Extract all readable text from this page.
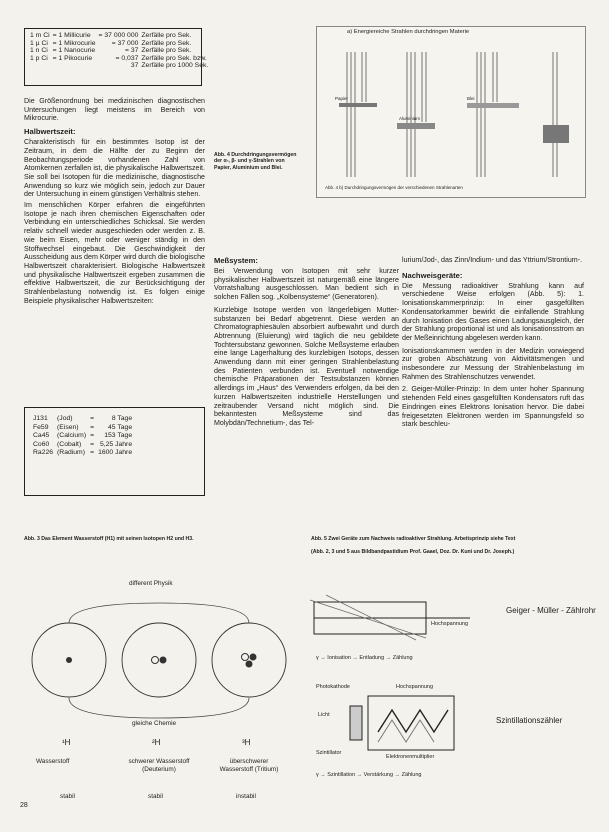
1 m Ci	= 1 Millicurie	= 37 000 000	Zerfälle pro Sek.
1 µ Ci	= 1 Mikrocurie	= 37 000	Zerfälle pro Sek.
1 n Ci	= 1 Nanocurie	= 37	Zerfälle pro Sek.
1 p Ci	= 1 Pikocurie	= 0,037	Zerfälle pro Sek. bzw.
		37	Zerfälle pro 1000 Sek.

Die Größenordnung bei medizinischen diagnostischen Untersuchungen liegt meistens im Bereich von Mikrocurie.

Halbwertszeit:

Charakteristisch für ein bestimmtes Isotop ist der Zeitraum, in dem die Hälfte der zu Beginn der Beobachtungsperiode vorhandenen Zahl von Atomkernen zerfallen ist, die physikalische Halbwertszeit. Sie soll bei Isotopen für die medizinische, diagnostische Anwendung so kurz wie möglich sein, jedoch zur Dauer der Untersuchung in einem günstigen Verhältnis stehen.

Im menschlichen Körper erfahren die eingeführten Isotope je nach ihren chemischen Eigenschaften oder Verbindung ein unterschiedliches Schicksal. Sie werden relativ schnell wieder ausgeschieden oder werden z. B. wie beim Eisen, mehr oder weniger ständig in den Stoffwechsel eingebaut. Die Geschwindigkeit der Ausscheidung aus dem Körper wird durch die biologische Halbwertszeit charakterisiert. Biologische Halbwertszeit und physikalische Halbwertszeit ergeben zusammen die effektive Halbwertszeit, die zur Berücksichtigung der Strahlenbelastung notwendig ist. Es folgen einige Beispiele physikalischer Halbwertszeiten:

J131	(Jod)	=	8 Tage
Fe59	(Eisen)	=	45 Tage
Ca45	(Calcium)	=	153 Tage
Co60	(Cobalt)	=	5,25 Jahre
Ra226	(Radium)	=	1600 Jahre
a) Energiereiche Strahlen durchdringen Materie
Papier
Aluminium
Blei
Abb. 4 b) Durchdringungsvermögen der verschiedenen Strahlenarten
Abb. 4 Durchdringungsvermögen der α-, β- und γ-Strahlen von Papier, Aluminium und Blei.
Meßsystem:

Bei Verwendung von Isotopen mit sehr kurzer physikalischer Halbwertszeit ist naturgemäß eine längere Vorratshaltung ausgeschlossen. Man bedient sich in solchen Fällen sog. „Kolbensysteme“ (Generatoren).

Kurzlebige Isotope werden von längerlebigen Mutter-substanzen bei Bedarf abgetrennt. Diese werden an Chromatographiesäulen absorbiert aufbewahrt und durch Abtrennung (Eluierung) wird täglich die neu gebildete Tochtersubstanz gewonnen. Solche Meßsysteme erlauben eine lange Lagerhaltung des kurzlebigen Isotops, dessen Anwendung dann mit einer geringen Strahlenbelastung des Patienten verbunden ist. Eventuell notwendige chemische Präparationen der Testsubstanzen können allerdings im „Haus“ des Verwenders erfolgen, da bei den kurzen Halbwertszeiten industrielle Herstellungen und zeitraubender Versand nicht möglich sind. Die bekanntesten Meßsysteme sind das Molybdän/Technetium-, das Tel-

lurium/Jod-, das Zinn/Indium- und das Yttrium/Strontium-.

Nachweisgeräte:

Die Messung radioaktiver Strahlung kann auf verschiedene Weise erfolgen (Abb. 5): 1. Ionisationskammerprinzip: In einer gasgefüllten Kondensatorkammer bewirkt die einfallende Strahlung durch Ionisation des Gases einen Ladungsausgleich, der der Strahlung proportional ist und als Ionisationsstrom an der Meßeinrichtung abgelesen werden kann.

Ionisationskammern werden in der Medizin vorwiegend zur groben Abschätzung von Aktivitätsmengen und insbesondere zur Messung der Strahlenbelastung im Rahmen des Strahlenschutzes verwendet.

2. Geiger-Müller-Prinzip: In dem unter hoher Spannung stehenden Feld eines gasgefüllten Kondensators ruft das Eindringen eines Elektrons Ionisation hervor. Die dabei freigesetzten Elektronen werden im Spannungsfeld so stark beschleu-

Abb. 3 Das Element Wasserstoff (H1) mit seinen Isotopen H2 und H3.
different Physik
gleiche Chemie
¹H	²H	³H
Wasserstoff	schwerer Wasserstoff (Deuterium)
überschwerer Wasserstoff (Tritium)
stabil	stabil	instabil
Abb. 5 Zwei Geräte zum Nachweis radioaktiver Strahlung. Arbeitsprinzip siehe Text
(Abb. 2, 3 und 5 aus Bildbandpastidium Prof. Gaael, Doz. Dr. Kuni und Dr. Joseph.)
Geiger - Müller - Zählrohr
Hochspannung
γ → Ionisation → Entladung → Zählung
Photokathode	Hochspannung
Licht
Szintillator
Elektronenmultiplier
Szintillationszähler
γ → Szintillation → Verstärkung → Zählung
28
